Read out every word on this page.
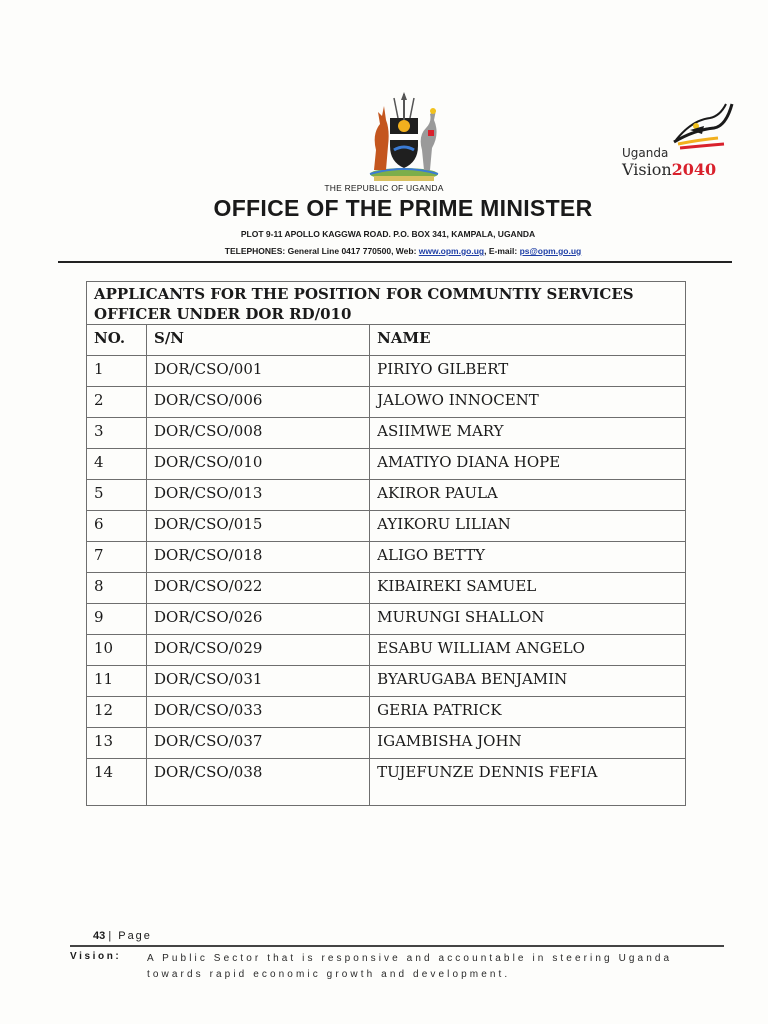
Uganda
Vision2040
THE REPUBLIC OF UGANDA
OFFICE OF THE PRIME MINISTER
PLOT 9-11 APOLLO KAGGWA ROAD. P.O. BOX 341, KAMPALA, UGANDA
TELEPHONES: General Line 0417 770500, Web: www.opm.go.ug, E-mail: ps@opm.go.ug
APPLICANTS FOR THE POSITION FOR COMMUNTIY SERVICES OFFICER UNDER DOR RD/010		
NO.	S/N	NAME
1	DOR/CSO/001	PIRIYO GILBERT
2	DOR/CSO/006	JALOWO INNOCENT
3	DOR/CSO/008	ASIIMWE MARY
4	DOR/CSO/010	AMATIYO DIANA HOPE
5	DOR/CSO/013	AKIROR PAULA
6	DOR/CSO/015	AYIKORU LILIAN
7	DOR/CSO/018	ALIGO BETTY
8	DOR/CSO/022	KIBAIREKI SAMUEL
9	DOR/CSO/026	MURUNGI SHALLON
10	DOR/CSO/029	ESABU WILLIAM ANGELO
11	DOR/CSO/031	BYARUGABA BENJAMIN
12	DOR/CSO/033	GERIA PATRICK
13	DOR/CSO/037	IGAMBISHA JOHN
14	DOR/CSO/038	TUJEFUNZE DENNIS FEFIA
43 | Page
Vision:	A Public Sector that is responsive and accountable in steering Uganda towards rapid economic growth and development.
